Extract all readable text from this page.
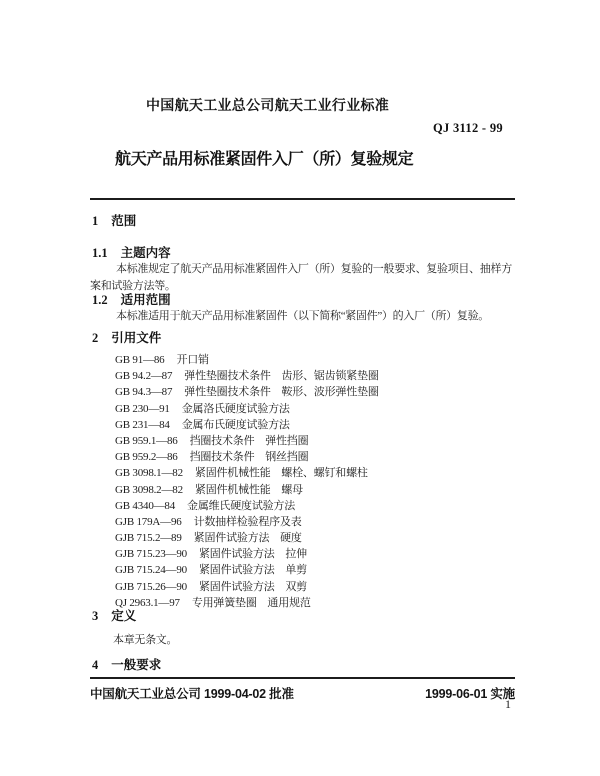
中国航天工业总公司航天工业行业标准
QJ 3112 - 99
航天产品用标准紧固件入厂（所）复验规定
1 范围
1.1 主题内容
本标准规定了航天产品用标准紧固件入厂（所）复验的一般要求、复验项目、抽样方
案和试验方法等。
1.2 适用范围
本标准适用于航天产品用标准紧固件（以下简称“紧固件”）的入厂（所）复验。
2 引用文件
GB 91—86 开口销
GB 94.2—87 弹性垫圈技术条件　齿形、锯齿锁紧垫圈
GB 94.3—87 弹性垫圈技术条件　鞍形、波形弹性垫圈
GB 230—91 金属洛氏硬度试验方法
GB 231—84 金属布氏硬度试验方法
GB 959.1—86 挡圈技术条件　弹性挡圈
GB 959.2—86 挡圈技术条件　钢丝挡圈
GB 3098.1—82 紧固件机械性能　螺栓、螺钉和螺柱
GB 3098.2—82 紧固件机械性能　螺母
GB 4340—84 金属维氏硬度试验方法
GJB 179A—96 计数抽样检验程序及表
GJB 715.2—89 紧固件试验方法　硬度
GJB 715.23—90 紧固件试验方法　拉伸
GJB 715.24—90 紧固件试验方法　单剪
GJB 715.26—90 紧固件试验方法　双剪
QJ 2963.1—97 专用弹簧垫圈　通用规范
3 定义
本章无条文。
4 一般要求
中国航天工业总公司 1999-04-02 批准	1999-06-01 实施
1
